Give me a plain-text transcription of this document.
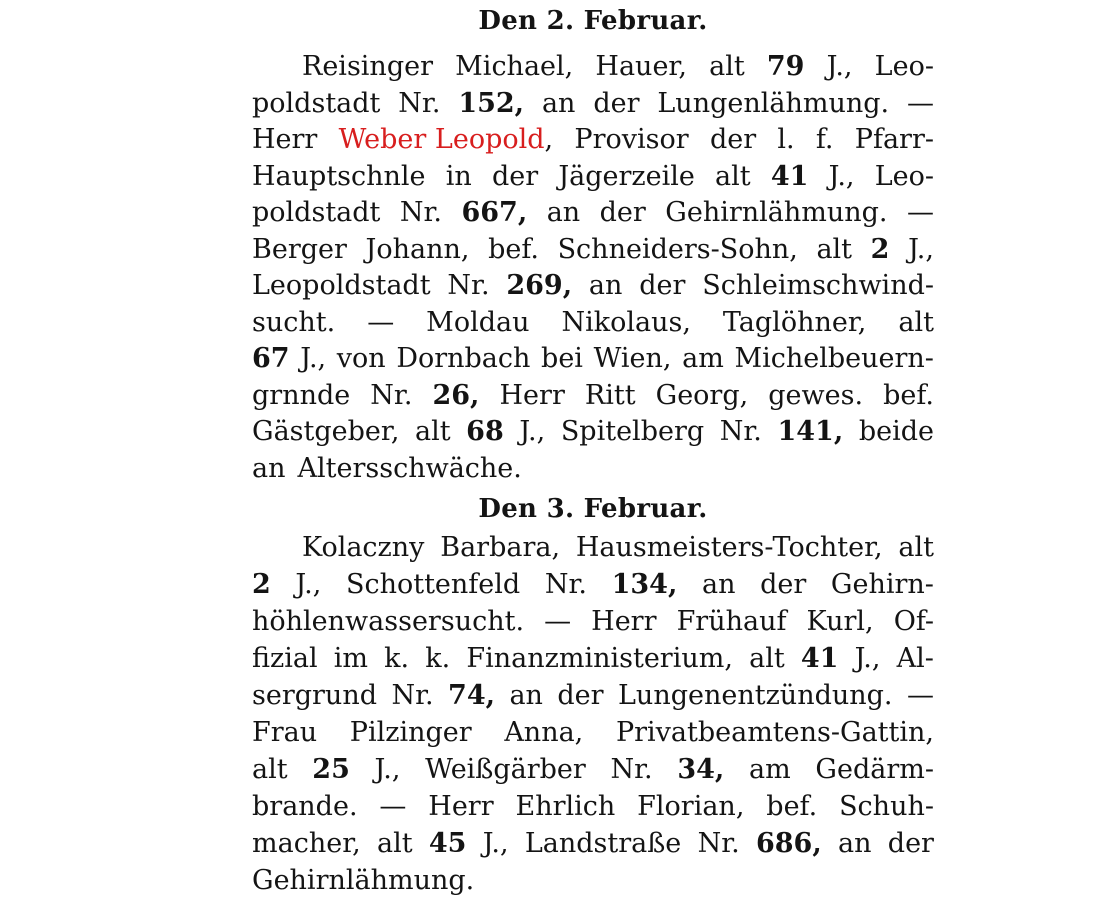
Den 2. Februar.
Reisinger Michael, Hauer, alt 79 J., Leo-
poldstadt Nr. 152, an der Lungenlähmung. —
Herr Weber Leopold, Provisor der l. f. Pfarr-
Hauptschnle in der Jägerzeile alt 41 J., Leo-
poldstadt Nr. 667, an der Gehirnlähmung. —
Berger Johann, bef. Schneiders-Sohn, alt 2 J.,
Leopoldstadt Nr. 269, an der Schleimschwind-
sucht. — Moldau Nikolaus, Taglöhner, alt
67 J., von Dornbach bei Wien, am Michelbeuern-
grnnde Nr. 26, Herr Ritt Georg, gewes. bef.
Gästgeber, alt 68 J., Spitelberg Nr. 141, beide
an Altersschwäche.
Den 3. Februar.
Kolaczny Barbara, Hausmeisters-Tochter, alt
2 J., Schottenfeld Nr. 134, an der Gehirn-
höhlenwassersucht. — Herr Frühauf Kurl, Of-
fizial im k. k. Finanzministerium, alt 41 J., Al-
sergrund Nr. 74, an der Lungenentzündung. —
Frau Pilzinger Anna, Privatbeamtens-Gattin,
alt 25 J., Weißgärber Nr. 34, am Gedärm-
brande. — Herr Ehrlich Florian, bef. Schuh-
macher, alt 45 J., Landstraße Nr. 686, an der
Gehirnlähmung.
